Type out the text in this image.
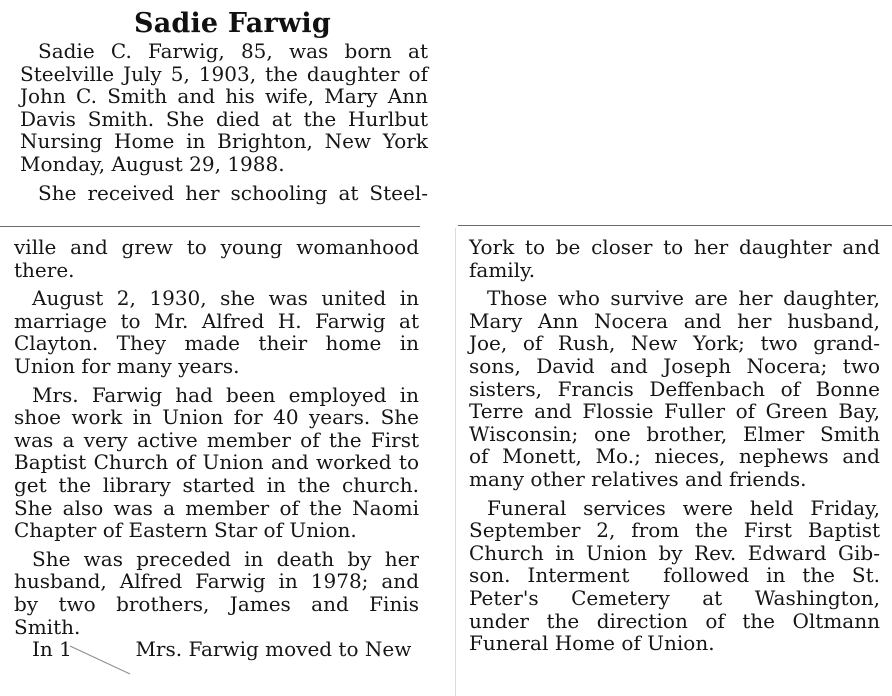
Sadie Farwig
Sadie C. Farwig, 85, was born at
Steelville July 5, 1903, the daughter of
John C. Smith and his wife, Mary Ann
Davis Smith. She died at the Hurlbut
Nursing Home in Brighton, New York
Monday, August 29, 1988.
She received her schooling at Steel-
ville and grew to young womanhood
there.
August 2, 1930, she was united in
marriage to Mr. Alfred H. Farwig at
Clayton. They made their home in
Union for many years.
Mrs. Farwig had been employed in
shoe work in Union for 40 years. She
was a very active member of the First
Baptist Church of Union and worked to
get the library started in the church.
She also was a member of the Naomi
Chapter of Eastern Star of Union.
She was preceded in death by her
husband, Alfred Farwig in 1978; and
by two brothers, James and Finis
Smith.
In 1          Mrs. Farwig moved to New
York to be closer to her daughter and
family.
Those who survive are her daughter,
Mary Ann Nocera and her husband,
Joe, of Rush, New York; two grand-
sons, David and Joseph Nocera; two
sisters, Francis Deffenbach of Bonne
Terre and Flossie Fuller of Green Bay,
Wisconsin; one brother, Elmer Smith
of Monett, Mo.; nieces, nephews and
many other relatives and friends.
Funeral services were held Friday,
September 2, from the First Baptist
Church in Union by Rev. Edward Gib-
son. Interment  followed in the St.
Peter's Cemetery at Washington,
under the direction of the Oltmann
Funeral Home of Union.
